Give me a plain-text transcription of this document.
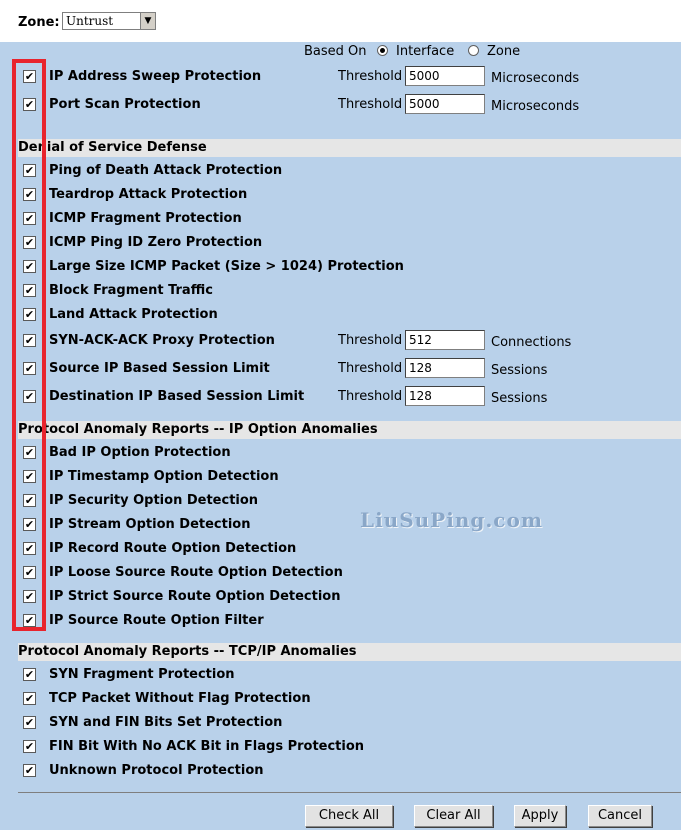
Zone: Untrust	▼
Based On Interface	Zone
✔ IP Address Sweep Protection	Threshold 5000	Microseconds
✔ Port Scan Protection	Threshold 5000	Microseconds
Denial of Service Defense
✔ Ping of Death Attack Protection
✔ Teardrop Attack Protection
✔ ICMP Fragment Protection
✔ ICMP Ping ID Zero Protection
✔ Large Size ICMP Packet (Size > 1024) Protection
✔ Block Fragment Traffic
✔ Land Attack Protection
✔ SYN-ACK-ACK Proxy Protection	Threshold 512	Connections
✔ Source IP Based Session Limit	Threshold 128	Sessions
✔ Destination IP Based Session Limit	Threshold 128	Sessions
Protocol Anomaly Reports -- IP Option Anomalies
✔ Bad IP Option Protection
✔ IP Timestamp Option Detection
✔ IP Security Option Detection
✔ IP Stream Option Detection
✔ IP Record Route Option Detection
✔ IP Loose Source Route Option Detection
✔ IP Strict Source Route Option Detection
✔ IP Source Route Option Filter
Protocol Anomaly Reports -- TCP/IP Anomalies
✔ SYN Fragment Protection
✔ TCP Packet Without Flag Protection
✔ SYN and FIN Bits Set Protection
✔ FIN Bit With No ACK Bit in Flags Protection
✔ Unknown Protocol Protection
LiuSuPing.com
Check All	Clear All	Apply	Cancel
